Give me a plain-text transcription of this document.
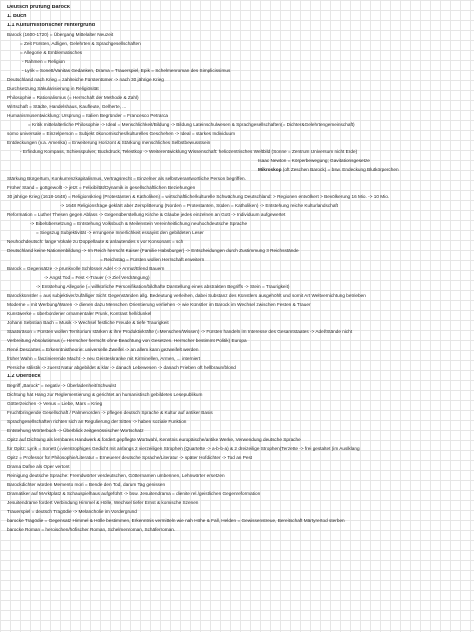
Deutsch prüfung Barock
1. Buch
1.1 Kulturhistorischer Hintergrund
Barock (1600-1720) = Übergang Mittelalter Neuzeit
= Zeit Fürsten, Adligen, Gelehrten & Sprachgesellschaften
= Allegorie & Emblematisches
- Rahmen = Religion
- Lyrik = Sonett/Vanitas Gedanken, Drama = Trauerspiel, Epik = Schelmenroman des Simplicissimus
Deutschland nach Krieg = zahlreiche Fürstentümer -> nach 30 jährige Krieg
Durchsetzung Säkularisierung in Religiösität
Philosophie = Rationalismus (= Herrschaft der Methode & Zahl)
Wirtschaft = Städte, Handelshaus, Kaufleute, Gelherte, ...
Humanismusentwicklung: Ursprung = Italien Begründer = Francesco Petrarca
= Kritik mittelalterliche Philosophie -> Ideal = Menschlichkeit/Bildung -> Bildung Lateinschulwesen & Sprachgesellschaften(= Dichter&Gelehrtengemeinschaft)
somo universale = Einzelperson = Subjekt ökonomisches/kulturelles Geschehen -> Ideal = starkes Individuum
Entdeckungen (v.a. Amerika) = Erweiterung Horizont & Stärkung menschliches Selbstbewusstsein
- Erfindung Kompass, Schiesspulver, Buckdruck, Telestkop -> Weiterentwicklung Wissenschaft: heliozentrisches Weltbild (Sonne = Zentrum Universum nicht Erde)
Isaac Newton = Körperbewegung; Gavitationsgesetze
Mikroskop (oft Zeschen Barock) = bsw. Endeckung Blutkörperchen
Stärkung Bürgertum, Konkurrenzkapitalismus, Vertragsrecht = Einzelner als selbstverantwortliche Person begriffen.
Früher Stand = gottgewollt -> jetzt = Felixibiltät/Dynamik in gesellschaftlichen Beziehungen
30 jährige Krieg (1618-1648) = Religionskrieg (Protestanten & Katholiken) = wirtschaftliche/kulturelle Schwächung Deutschland: > Regionen entvölkert > Bevölkerung 16 Mio. -> 10 Mio.
-> 1648 Religionsfrage geklärt aber Zersplitterung (Norden = Protestanten, Süden = Katholiken) -> Entstehung reiche Kulturlandschaft
Reformation = Luther Thesen gegen Ablass -> Gegenüberstellung Kirche & Glaube jedes einzelnen an Gott -> Individuum aufgewertet
-> Bibelübersetzung = Entstehung Volksbuch & Meilenstein Vereinheitlichung neuhochdeutsche Sprache
= Siegszug Subjektivität -> errungene Innerlichkeit essayist den gebildeten Leser
Neuhochdeutsch: lange Vokale zu Doppellaute & anlautendes s vor Konsonant = sch
Deutschland keine Nationenbildung -> Im Reich herrscht Kaiser (Familie Habsburger) -> Entscheidungen durch Zustimmung 3 Reichsstände
= Reichstag = Fürsten wollen Herrschaft erweitern
Barock = Gegensätze -> prunkvolle Schlösser Adel <-> Armut/Elend Bauern
-> Angst Tod = Fest <-Trauer (-> Ziel Verdrängung)
-> Entstehung Allegorie (= willkürliche Personifikation/bildhafte Darstellung eines abstrakten Begriffs -> Stein = Traurigkeit)
Barockkünstler = aus subjektiver/zufälliger Sicht Gegenständen allg. Bedeutung verleihen, dabei Substanz des Künstlers ausgehöhlt und somit Art Weltvernichtung betrieben
Moderne = mit Werbung/Waren -> dienen dazu Menschen Orientierung verliehen -> wie Künstler im Barock im Wechsel zwischen Festen & Trauer
Kunstwerke = überbordener ornamentaler Prunk, Kontrast hell/dunkel
Johann Sebstian Bach = Musik -> Wechsel festliche Freude & tiefe Traurigkeit
Staatsräson = Fürsten wollen Territorium stärken & ihre Produktivkräfte (=Menschen/Wissen) -> Fürsten handeln im Interesse des Gesamtstaates -> Adel/Stände nicht
Verbreitung Absolutismus (= Herrscher herrscht ohne Beachtung von Gesetzen. Herrscher bestimmt Politik) Europa
René Descartes = Erkenntnistheorie: universelle Zweifel -> an allem kann gezweifelt werden
früher Wahn = faszinierende Macht -> neu Geisteskranke mit Kirminellen, Armen, ... interniert
Persiche stilistik -> zuerst Natur abgebildet & klar -> danach Lebewesen -> danach Frieben oft hellbraun/blond
1.2 Überblick
Begriff „Barock“ = negativ -> Überladenheit/Schwulst
Dichtung hat Hang zur Reglementierung & gerichtet an humanistisch gebildetes Lesepublikum
Götterzeichen -> Venus = Liebe, Mars = Krieg
Fruchtbringende Gesellschaft / Palmenorden -> pflegen deutsch Sprache & Kultur auf antiker Basis
Sprachgesellschaften richten sich an Regulierung der Sitten -> haben soziale Funktion
Entstehung Wörterbuch -> Überblick zeitgenössischer Wortschatz
Opitz auf Dichtung als lernbares Handwerk & fordert gepflegte Wortwahl, Kenntnis europäische/antike Werke, Verwendung deutsche Sprache
für Opitz: Lyrik = Sonett (=vierstrophiges Gedicht mit anfangs 2 vierzeiligen Strophen (Quartette -> a-b-b-a) & 2 dreizeilige Strophen(Terzette -> frei gestaltet )im Auslklang
Opitz = Professor für Philosophie/Literatur = Erneuerer deutsche Sprache/Literatur -> später Hofdichter -> Tod an Pest
Drama Dafne als Oper vertont
Reinigung deutsche Sprache: Fremdwörter verdeutschen, Götternamen umbennen, Lehnwörter ersetzen
Barockdichter würden Memento mori = Bende den Tod, darum Tag genissen
Dramatiker auf MArktplatz & Schauspielhaus aufgeführt -> bsw. Jesuitendrama = dienite rel./geistlichen Gegenreformation
Jesuitendrame fordert Verbindung Himmel & Hölle, Wechsel tiefer Ernst & komische Szenen
Trauerspiel = deutsch Tragödie -> Melancholie im Vordergrund
barocke Tragödie = Gegensatz Himmel & Hölle bestimmen, Erkenntnis vermitteln wie nah Höhe & Fall, Helden = Gewissenstreue, Bereitschaft Märtyrertod sterben
barocke Roman = heroischen/höfischer Roman, Schelmenroman, Schäferroman.
